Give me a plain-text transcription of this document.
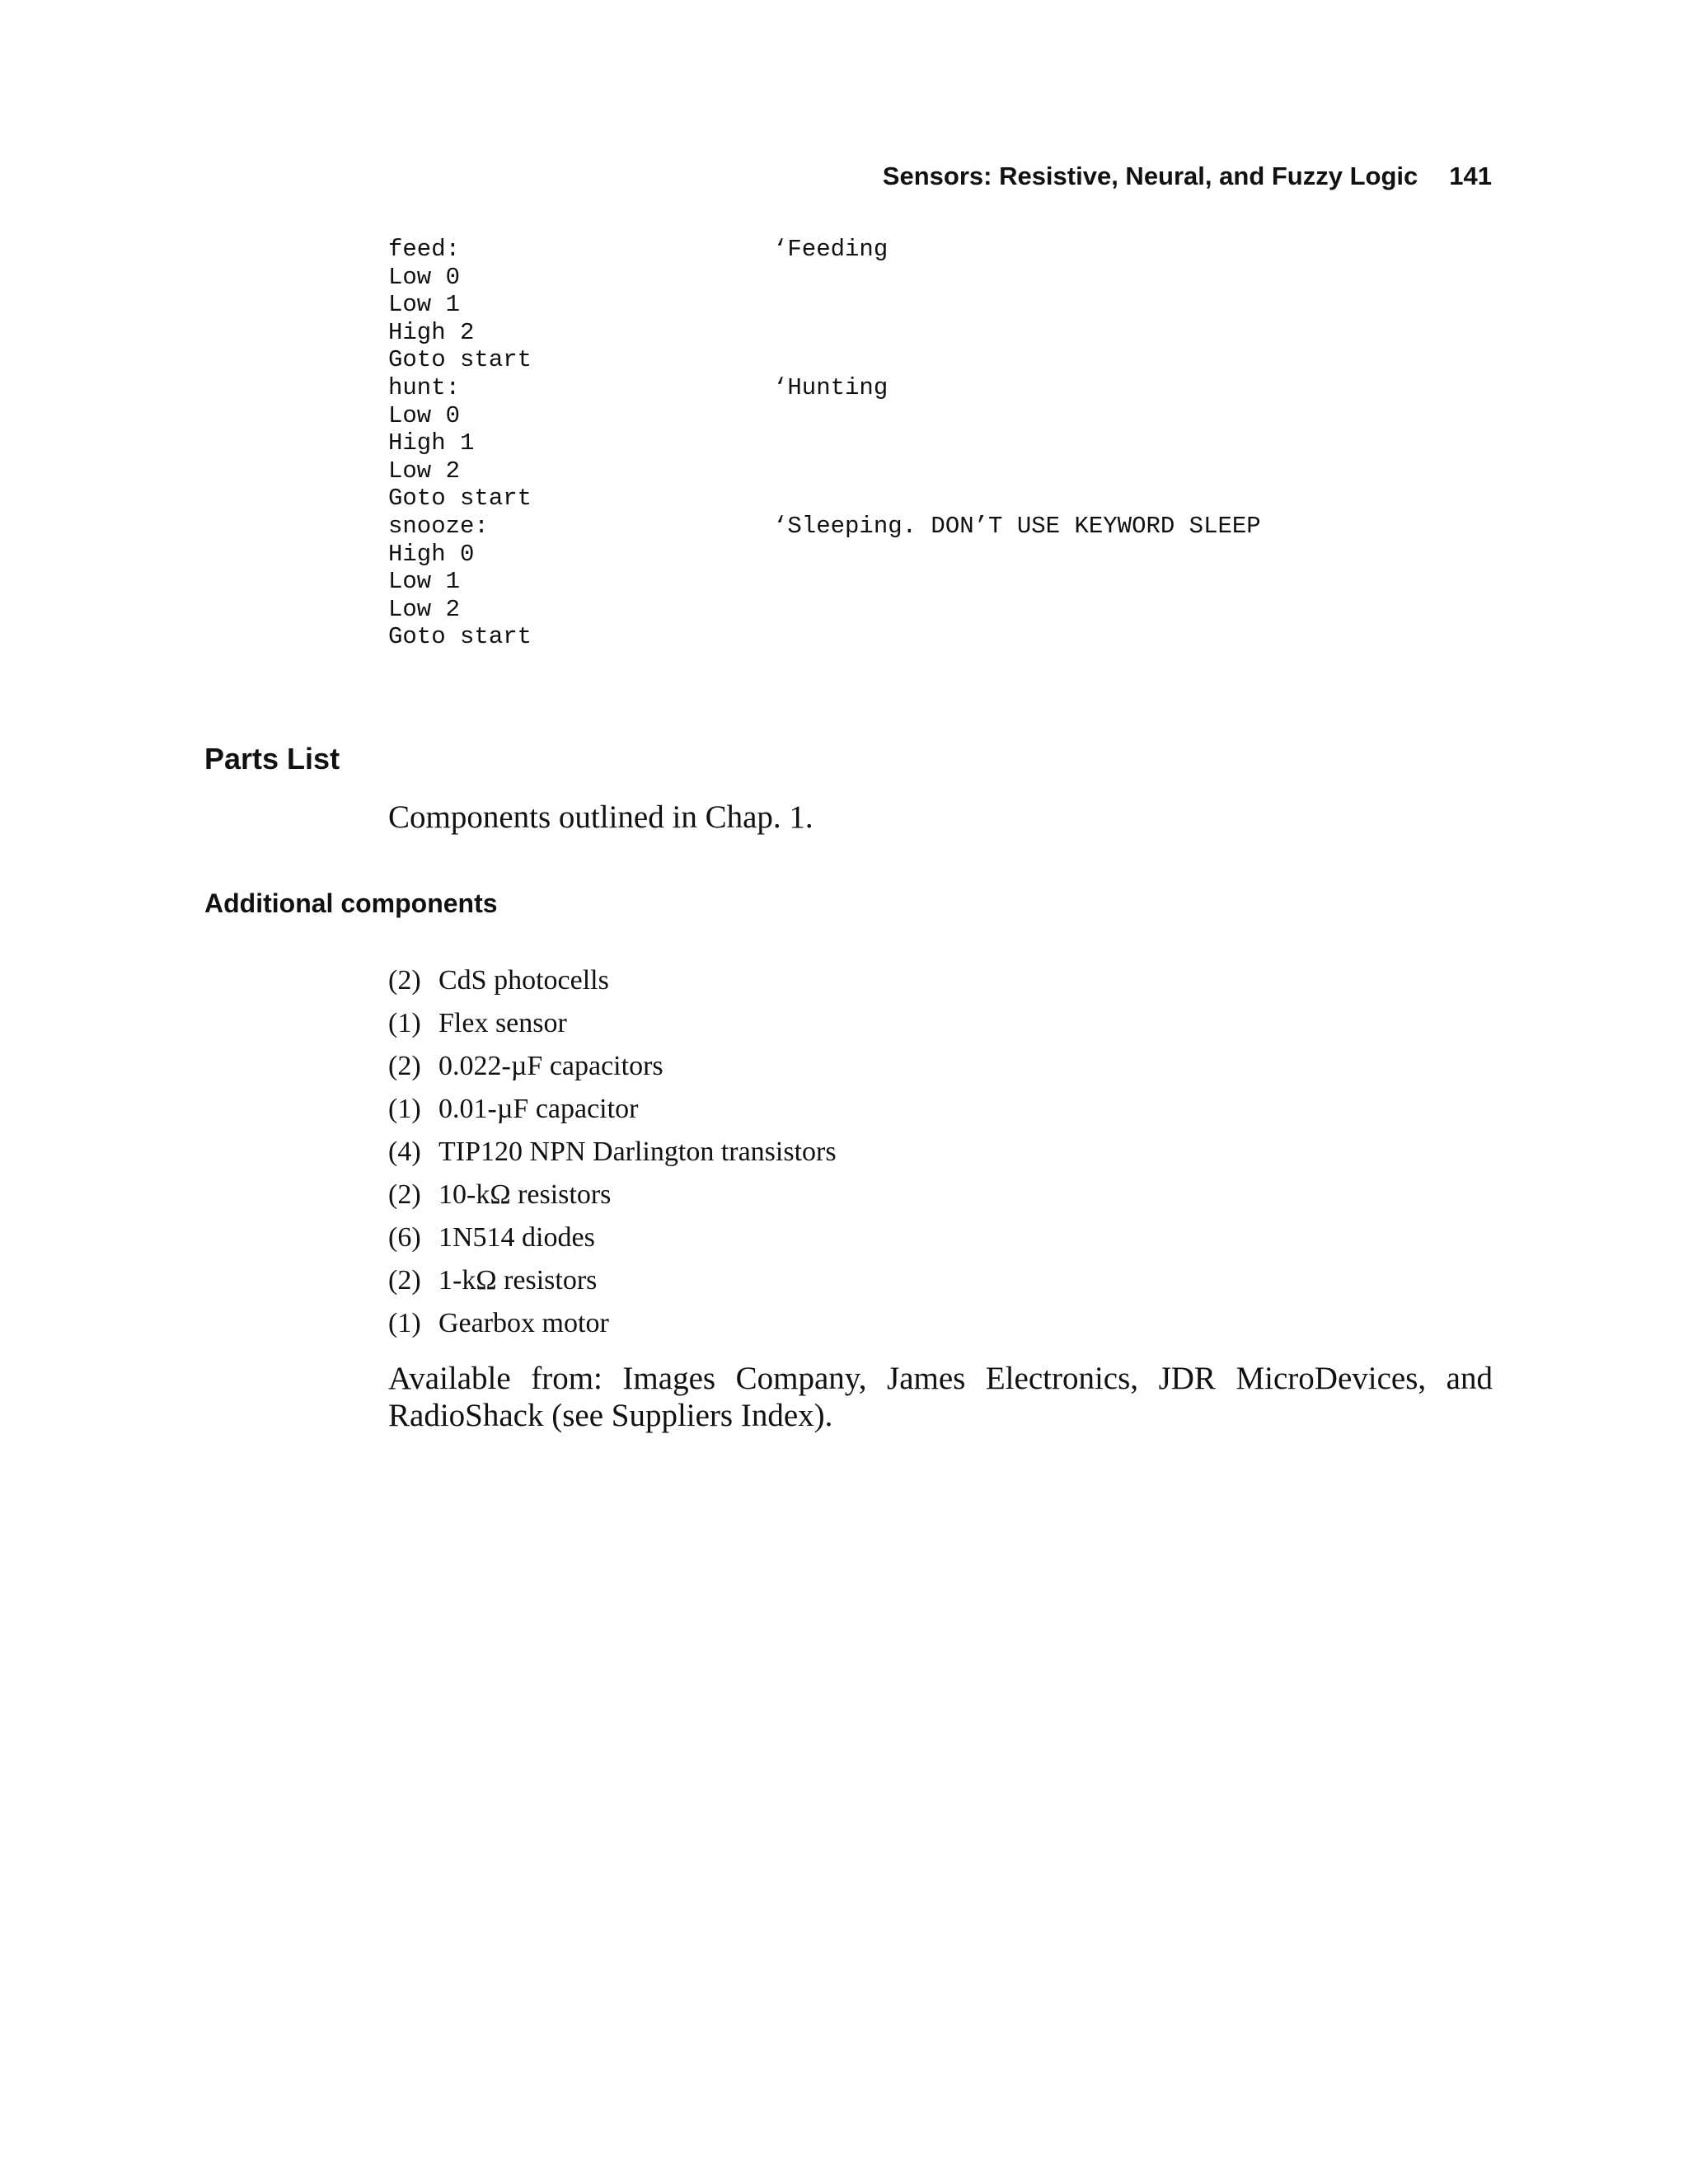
Sensors: Resistive, Neural, and Fuzzy Logic 141
feed:	‘Feeding
Low 0
Low 1
High 2
Goto start
hunt:	‘Hunting
Low 0
High 1
Low 2
Goto start
snooze:	‘Sleeping. DON’T USE KEYWORD SLEEP
High 0
Low 1
Low 2
Goto start
Parts List

Components outlined in Chap. 1.

Additional components
(2) CdS photocells
(1) Flex sensor
(2) 0.022-µF capacitors
(1) 0.01-µF capacitor
(4) TIP120 NPN Darlington transistors
(2) 10-kΩ resistors
(6) 1N514 diodes
(2) 1-kΩ resistors
(1) Gearbox motor

Available from: Images Company, James Electronics, JDR MicroDevices, and RadioShack (see Suppliers Index).
